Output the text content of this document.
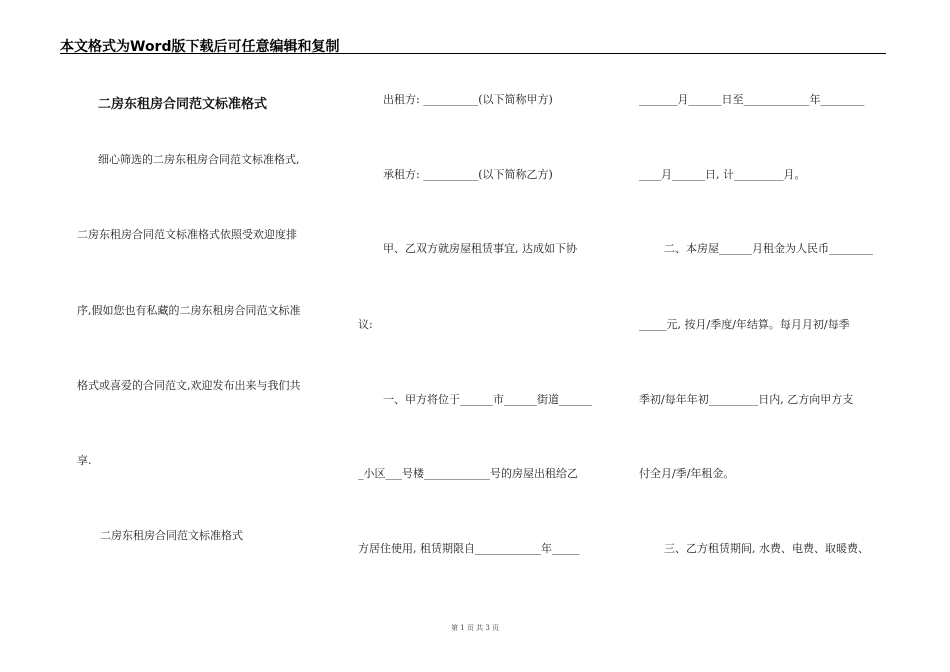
本文格式为Word版下载后可任意编辑和复制
二房东租房合同范文标准格式
细心筛选的二房东租房合同范文标准格式,
二房东租房合同范文标准格式依照受欢迎度排
序,假如您也有私藏的二房东租房合同范文标准
格式或喜爱的合同范文,欢迎发布出来与我们共
享.
二房东租房合同范文标准格式
出租方: __________(以下简称甲方)
承租方: __________(以下简称乙方)
甲、乙双方就房屋租赁事宜, 达成如下协
议:
一、甲方将位于______市______街道______
_小区___号楼____________号的房屋出租给乙
方居住使用, 租赁期限自____________年_____
_______月______日至____________年________
____月______日, 计_________月。
二、本房屋______月租金为人民币________
_____元, 按月/季度/年结算。每月月初/每季
季初/每年年初_________日内, 乙方向甲方支
付全月/季/年租金。
三、乙方租赁期间, 水费、电费、取暖费、
第 1 页 共 3 页
